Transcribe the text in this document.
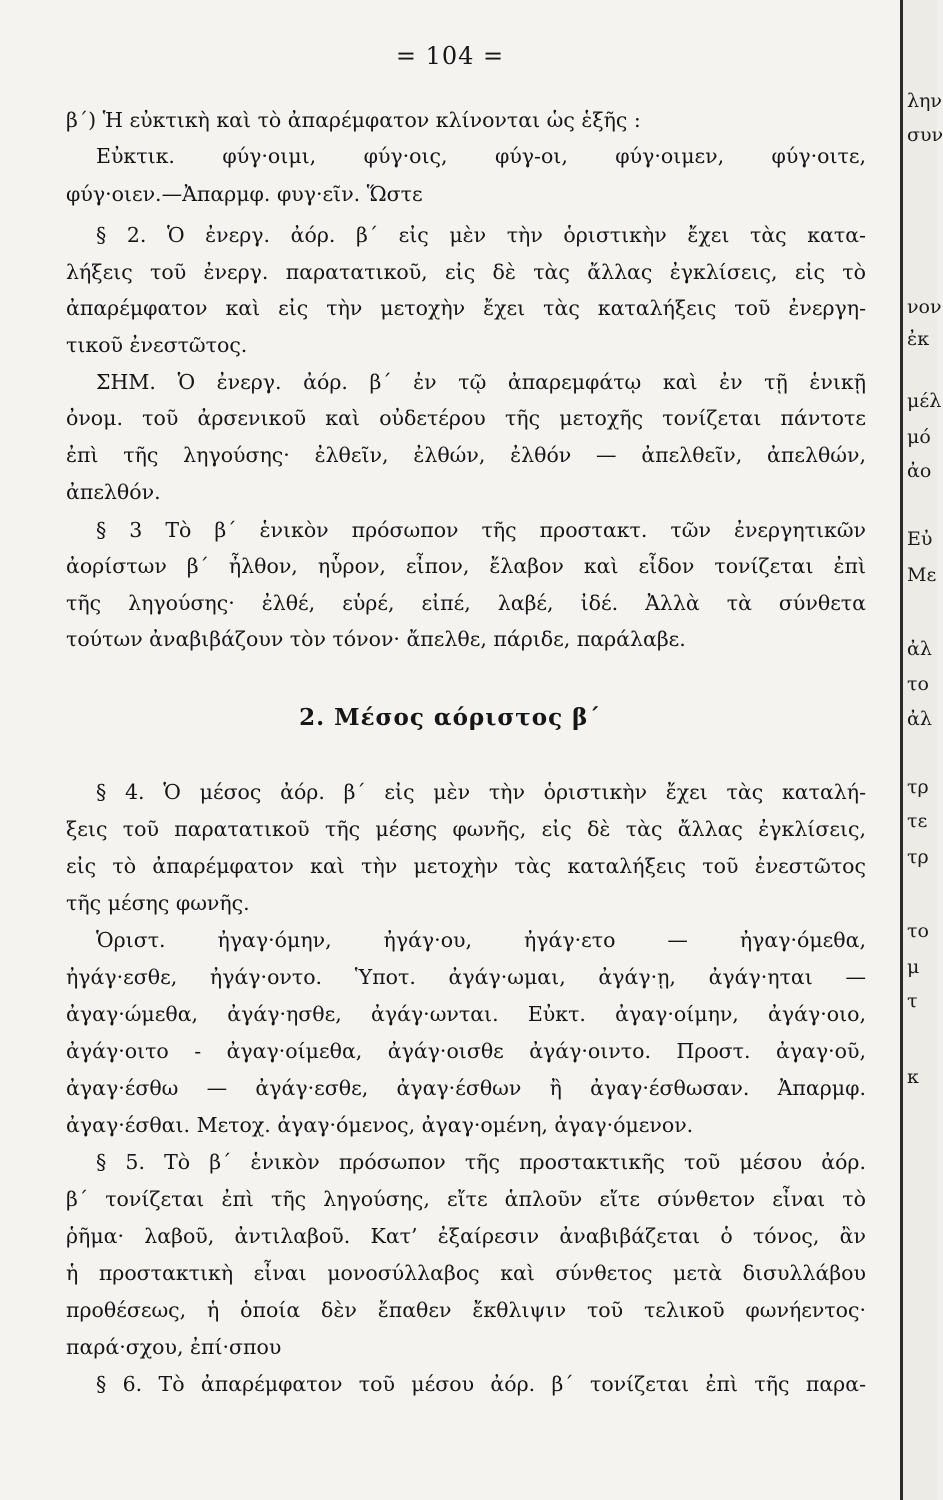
= 104 =
β΄) Ἡ εὐκτικὴ καὶ τὸ ἀπαρέμφατον κλίνονται ὡς ἑξῆς :
Εὐκτικ. φύγ·οιμι, φύγ·οις, φύγ-οι, φύγ·οιμεν, φύγ·οιτε,
φύγ·οιεν.—Ἀπαρμφ. φυγ·εῖν. Ὥστε
§ 2. Ὁ ἐνεργ. ἀόρ. β΄ εἰς μὲν τὴν ὁριστικὴν ἔχει τὰς κατα-
λήξεις τοῦ ἐνεργ. παρατατικοῦ, εἰς δὲ τὰς ἄλλας ἐγκλίσεις, εἰς τὸ
ἀπαρέμφατον καὶ εἰς τὴν μετοχὴν ἔχει τὰς καταλήξεις τοῦ ἐνεργη-
τικοῦ ἐνεστῶτος.
ΣΗΜ. Ὁ ἐνεργ. ἀόρ. β΄ ἐν τῷ ἀπαρεμφάτῳ καὶ ἐν τῇ ἑνικῇ
ὀνομ. τοῦ ἀρσενικοῦ καὶ οὐδετέρου τῆς μετοχῆς τονίζεται πάντοτε
ἐπὶ τῆς ληγούσης· ἐλθεῖν, ἐλθών, ἐλθόν — ἀπελθεῖν, ἀπελθών,
ἀπελθόν.
§ 3 Τὸ β΄ ἑνικὸν πρόσωπον τῆς προστακτ. τῶν ἐνεργητικῶν
ἀορίστων β΄ ἦλθον, ηὗρον, εἶπον, ἔλαβον καὶ εἶδον τονίζεται ἐπὶ
τῆς ληγούσης· ἐλθέ, εὑρέ, εἰπέ, λαβέ, ἰδέ. Ἀλλὰ τὰ σύνθετα
τούτων ἀναβιβάζουν τὸν τόνον· ἄπελθε, πάριδε, παράλαβε.
2. Μέσος αόριστος β΄
§ 4. Ὁ μέσος ἀόρ. β΄ εἰς μὲν τὴν ὁριστικὴν ἔχει τὰς καταλή-
ξεις τοῦ παρατατικοῦ τῆς μέσης φωνῆς, εἰς δὲ τὰς ἄλλας ἐγκλίσεις,
εἰς τὸ ἀπαρέμφατον καὶ τὴν μετοχὴν τὰς καταλήξεις τοῦ ἐνεστῶτος
τῆς μέσης φωνῆς.
Ὁριστ. ἠγαγ·όμην, ἠγάγ·ου, ἠγάγ·ετο — ἠγαγ·όμεθα,
ἠγάγ·εσθε, ἠγάγ·οντο. Ὑποτ. ἀγάγ·ωμαι, ἀγάγ·ῃ, ἀγάγ·ηται —
ἀγαγ·ώμεθα, ἀγάγ·ησθε, ἀγάγ·ωνται. Εὐκτ. ἀγαγ·οίμην, ἀγάγ·οιο,
ἀγάγ·οιτο - ἀγαγ·οίμεθα, ἀγάγ·οισθε ἀγάγ·οιντο. Προστ. ἀγαγ·οῦ,
ἀγαγ·έσθω — ἀγάγ·εσθε, ἀγαγ·έσθων ἢ ἀγαγ·έσθωσαν. Ἀπαρμφ.
ἀγαγ·έσθαι. Μετοχ. ἀγαγ·όμενος, ἀγαγ·ομένη, ἀγαγ·όμενον.
§ 5. Τὸ β΄ ἑνικὸν πρόσωπον τῆς προστακτικῆς τοῦ μέσου ἀόρ.
β΄ τονίζεται ἐπὶ τῆς ληγούσης, εἴτε ἁπλοῦν εἴτε σύνθετον εἶναι τὸ
ῥῆμα· λαβοῦ, ἀντιλαβοῦ. Κατ’ ἐξαίρεσιν ἀναβιβάζεται ὁ τόνος, ἂν
ἡ προστακτικὴ εἶναι μονοσύλλαβος καὶ σύνθετος μετὰ δισυλλάβου
προθέσεως, ἡ ὁποία δὲν ἔπαθεν ἔκθλιψιν τοῦ τελικοῦ φωνήεντος·
παρά·σχου, ἐπί·σπου
§ 6. Τὸ ἀπαρέμφατον τοῦ μέσου ἀόρ. β΄ τονίζεται ἐπὶ τῆς παρα-
λην
συν
νον
ἐκ
μέλ
μό
ἀο
Εὐ
Με
ἀλ
το
ἀλ
τρ
τε
τρ
το
μ
τ
κ
